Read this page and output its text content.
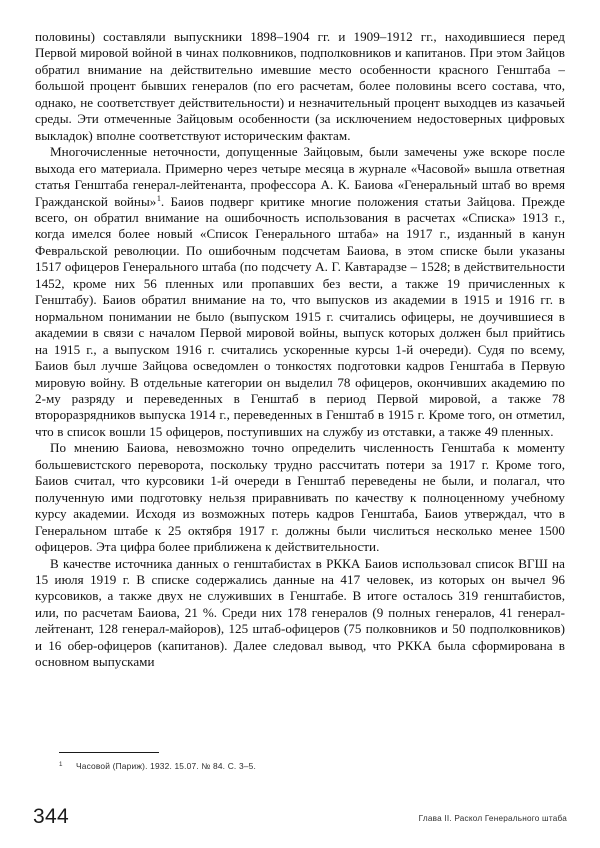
половины) составляли выпускники 1898–1904 гг. и 1909–1912 гг., находившиеся перед Первой мировой войной в чинах полковников, подполковников и капитанов. При этом Зайцов обратил внимание на действительно имевшие место особенности красного Генштаба – большой процент бывших генералов (по его расчетам, более половины всего состава, что, однако, не соответствует действительности) и незначительный процент выходцев из казачьей среды. Эти отмеченные Зайцовым особенности (за исключением недостоверных цифровых выкладок) вполне соответствуют историческим фактам.

Многочисленные неточности, допущенные Зайцовым, были замечены уже вскоре после выхода его материала. Примерно через четыре месяца в журнале «Часовой» вышла ответная статья Генштаба генерал-лейтенанта, профессора А. К. Баиова «Генеральный штаб во время Гражданской войны»$^1$. Баиов подверг критике многие положения статьи Зайцова. Прежде всего, он обратил внимание на ошибочность использования в расчетах «Списка» 1913 г., когда имелся более новый «Список Генерального штаба» на 1917 г., изданный в канун Февральской революции. По ошибочным подсчетам Баиова, в этом списке были указаны 1517 офицеров Генерального штаба (по подсчету А. Г. Кавтарадзе – 1528; в действительности 1452, кроме них 56 пленных или пропавших без вести, а также 19 причисленных к Генштабу). Баиов обратил внимание на то, что выпусков из академии в 1915 и 1916 гг. в нормальном понимании не было (выпуском 1915 г. считались офицеры, не доучившиеся в академии в связи с началом Первой мировой войны, выпуск которых должен был прийтись на 1915 г., а выпуском 1916 г. считались ускоренные курсы 1-й очереди). Судя по всему, Баиов был лучше Зайцова осведомлен о тонкостях подготовки кадров Генштаба в Первую мировую войну. В отдельные категории он выделил 78 офицеров, окончивших академию по 2-му разряду и переведенных в Генштаб в период Первой мировой, а также 78 второразрядников выпуска 1914 г., переведенных в Генштаб в 1915 г. Кроме того, он отметил, что в список вошли 15 офицеров, поступивших на службу из отставки, а также 49 пленных.

По мнению Баиова, невозможно точно определить численность Генштаба к моменту большевистского переворота, поскольку трудно рассчитать потери за 1917 г. Кроме того, Баиов считал, что курсовики 1-й очереди в Генштаб переведены не были, и полагал, что полученную ими подготовку нельзя приравнивать по качеству к полноценному учебному курсу академии. Исходя из возможных потерь кадров Генштаба, Баиов утверждал, что в Генеральном штабе к 25 октября 1917 г. должны были числиться несколько менее 1500 офицеров. Эта цифра более приближена к действительности.

В качестве источника данных о генштабистах в РККА Баиов использовал список ВГШ на 15 июля 1919 г. В списке содержались данные на 417 человек, из которых он вычел 96 курсовиков, а также двух не служивших в Генштабе. В итоге осталось 319 генштабистов, или, по расчетам Баиова, 21 %. Среди них 178 генералов (9 полных генералов, 41 генерал-лейтенант, 128 генерал-майоров), 125 штаб-офицеров (75 полковников и 50 подполковников) и 16 обер-офицеров (капитанов). Далее следовал вывод, что РККА была сформирована в основном выпусками

1 Часовой (Париж). 1932. 15.07. № 84. С. 3–5.
344	Глава II. Раскол Генерального штаба
